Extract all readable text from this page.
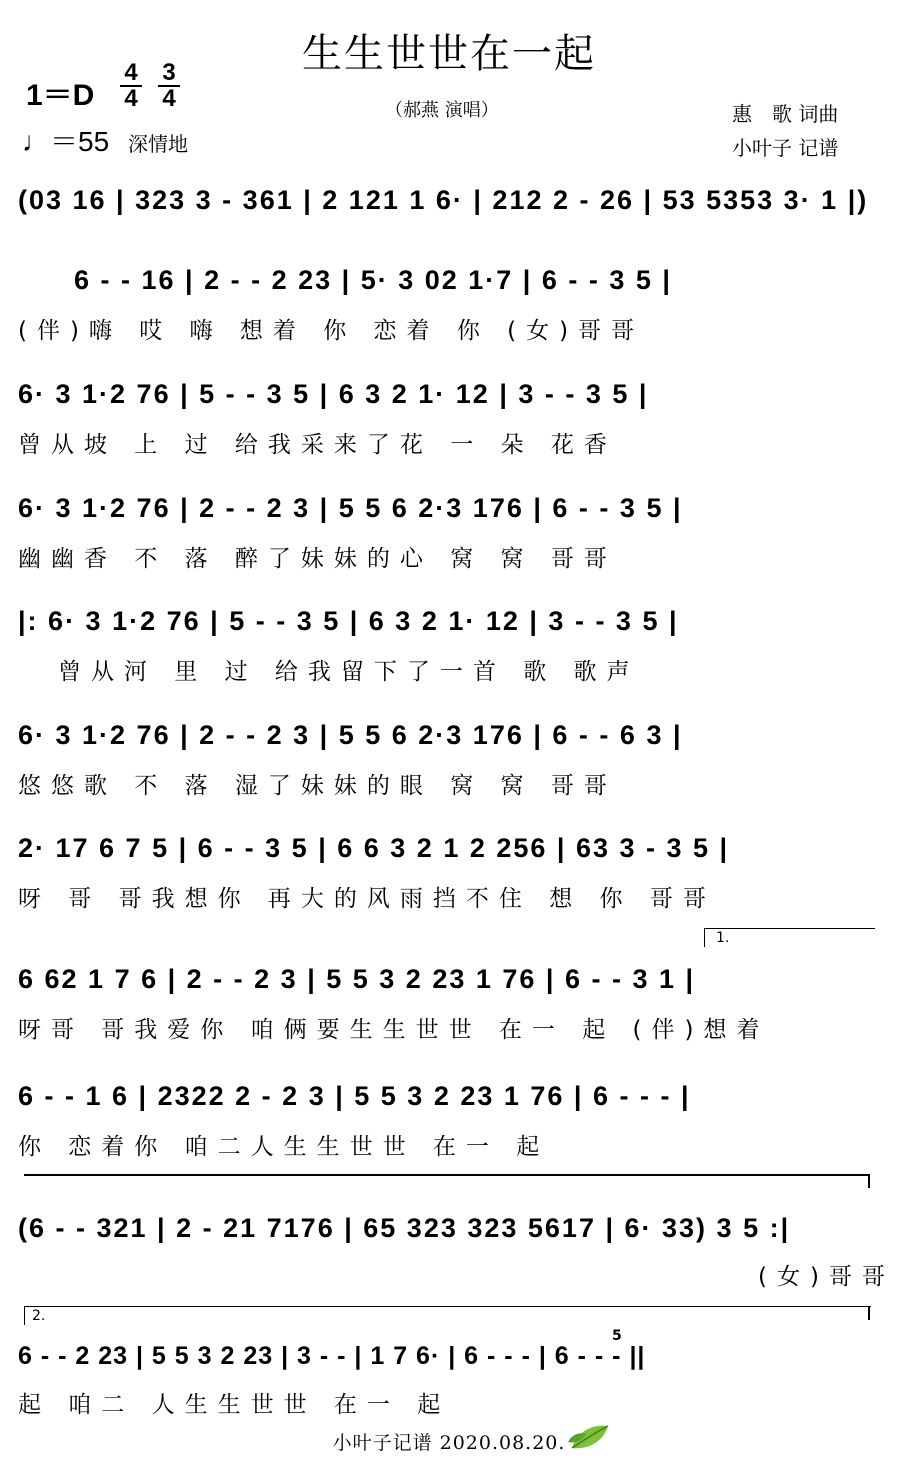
生生世世在一起
1＝D
4
4
3
4
♩＝55 深情地
（郝燕 演唱）	惠　歌 词曲
小叶子 记谱
(03 16 | 323 3 - 361 | 2 121 1 6· | 212 2 - 26 | 53 5353 3· 1 |)
6 - - 16 | 2 - - 2 23 | 5· 3 02 1·7 | 6 - - 3 5 |
(伴)嗨 哎 嗨 想着 你 恋着 你 (女)哥哥
6· 3 1·2 76 | 5 - - 3 5 | 6 3 2 1· 12 | 3 - - 3 5 |
曾从坡 上 过 给我采来了花 一 朵 花香
6· 3 1·2 76 | 2 - - 2 3 | 5 5 6 2·3 176 | 6 - - 3 5 |
幽幽香 不 落 醉了妹妹的心 窝 窝 哥哥
|: 6· 3 1·2 76 | 5 - - 3 5 | 6 3 2 1· 12 | 3 - - 3 5 |
曾从河 里 过 给我留下了一首 歌 歌声
6· 3 1·2 76 | 2 - - 2 3 | 5 5 6 2·3 176 | 6 - - 6 3 |
悠悠歌 不 落 湿了妹妹的眼 窝 窝 哥哥
2· 17 6 7 5 | 6 - - 3 5 | 6 6 3 2 1 2 256 | 63 3 - 3 5 |
呀 哥 哥我想你 再大的风雨挡不住 想 你 哥哥
1.
6 62 1 7 6 | 2 - - 2 3 | 5 5 3 2 23 1 76 | 6 - - 3 1 |
呀哥 哥我爱你 咱俩要生生世世 在一 起 (伴)想着
6 - - 1 6 | 2322 2 - 2 3 | 5 5 3 2 23 1 76 | 6 - - - |
你 恋着你 咱二人生生世世 在一 起
(6 - - 321 | 2 - 21 7176 | 65 323 323 5617 | 6· 33) 3 5 :|
(女)哥哥
2.
6 - - 2 23 | 5 5 3 2 23 | 3 - - | 1 7 6· | 6 - - - | 6 - - - ||
起 咱二 人生生世世 在一 起
5
小叶子记谱 2020.08.20.
